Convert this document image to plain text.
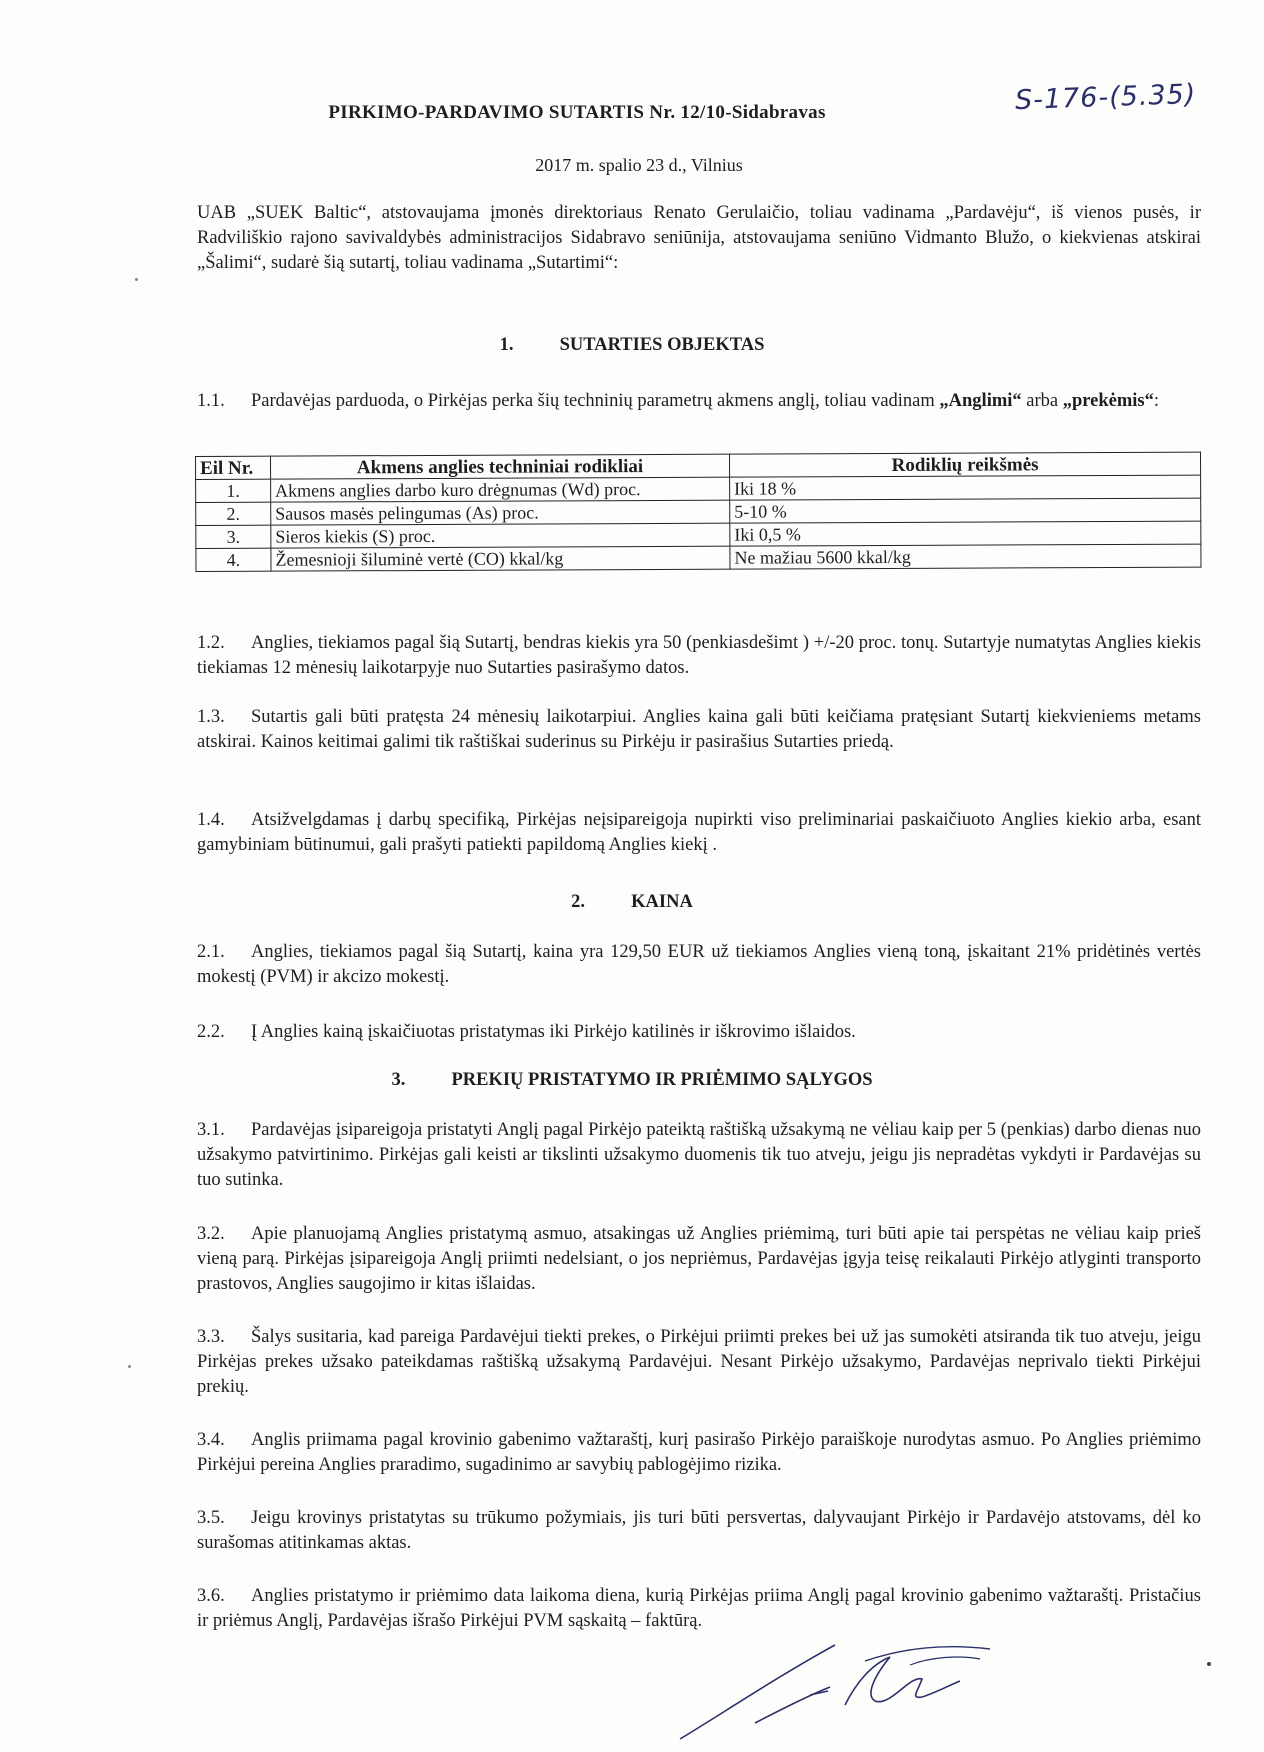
PIRKIMO-PARDAVIMO SUTARTIS Nr. 12/10-Sidabravas	S-176-(5.35)
2017 m. spalio 23 d., Vilnius
UAB „SUEK Baltic“, atstovaujama įmonės direktoriaus Renato Gerulaičio, toliau vadinama „Pardavėju“, iš vienos pusės, ir Radviliškio rajono savivaldybės administracijos Sidabravo seniūnija, atstovaujama seniūno Vidmanto Blužo, o kiekvienas atskirai „Šalimi“, sudarė šią sutartį, toliau vadinama „Sutartimi“:
1. SUTARTIES OBJEKTAS
1.1. Pardavėjas parduoda, o Pirkėjas perka šių techninių parametrų akmens anglį, toliau vadinam „Anglimi“ arba „prekėmis“:
Eil Nr.	Akmens anglies techniniai rodikliai	Rodiklių reikšmės
1.	Akmens anglies darbo kuro drėgnumas (Wd) proc.	Iki 18 %
2.	Sausos masės pelingumas (As) proc.	5-10 %
3.	Sieros kiekis (S) proc.	Iki 0,5 %
4.	Žemesnioji šiluminė vertė (CO) kkal/kg	Ne mažiau 5600 kkal/kg
1.2. Anglies, tiekiamos pagal šią Sutartį, bendras kiekis yra 50 (penkiasdešimt ) +/-20 proc. tonų. Sutartyje numatytas Anglies kiekis tiekiamas 12 mėnesių laikotarpyje nuo Sutarties pasirašymo datos.
1.3. Sutartis gali būti pratęsta 24 mėnesių laikotarpiui. Anglies kaina gali būti keičiama pratęsiant Sutartį kiekvieniems metams atskirai. Kainos keitimai galimi tik raštiškai suderinus su Pirkėju ir pasirašius Sutarties priedą.
1.4. Atsižvelgdamas į darbų specifiką, Pirkėjas neįsipareigoja nupirkti viso preliminariai paskaičiuoto Anglies kiekio arba, esant gamybiniam būtinumui, gali prašyti patiekti papildomą Anglies kiekį .
2. KAINA
2.1. Anglies, tiekiamos pagal šią Sutartį, kaina yra 129,50 EUR už tiekiamos Anglies vieną toną, įskaitant 21% pridėtinės vertės mokestį (PVM) ir akcizo mokestį.
2.2. Į Anglies kainą įskaičiuotas pristatymas iki Pirkėjo katilinės ir iškrovimo išlaidos.
3. PREKIŲ PRISTATYMO IR PRIĖMIMO SĄLYGOS
3.1. Pardavėjas įsipareigoja pristatyti Anglį pagal Pirkėjo pateiktą raštišką užsakymą ne vėliau kaip per 5 (penkias) darbo dienas nuo užsakymo patvirtinimo. Pirkėjas gali keisti ar tikslinti užsakymo duomenis tik tuo atveju, jeigu jis nepradėtas vykdyti ir Pardavėjas su tuo sutinka.
3.2. Apie planuojamą Anglies pristatymą asmuo, atsakingas už Anglies priėmimą, turi būti apie tai perspėtas ne vėliau kaip prieš vieną parą. Pirkėjas įsipareigoja Anglį priimti nedelsiant, o jos nepriėmus, Pardavėjas įgyja teisę reikalauti Pirkėjo atlyginti transporto prastovos, Anglies saugojimo ir kitas išlaidas.
3.3. Šalys susitaria, kad pareiga Pardavėjui tiekti prekes, o Pirkėjui priimti prekes bei už jas sumokėti atsiranda tik tuo atveju, jeigu Pirkėjas prekes užsako pateikdamas raštišką užsakymą Pardavėjui. Nesant Pirkėjo užsakymo, Pardavėjas neprivalo tiekti Pirkėjui prekių.
3.4. Anglis priimama pagal krovinio gabenimo važtaraštį, kurį pasirašo Pirkėjo paraiškoje nurodytas asmuo. Po Anglies priėmimo Pirkėjui pereina Anglies praradimo, sugadinimo ar savybių pablogėjimo rizika.
3.5. Jeigu krovinys pristatytas su trūkumo požymiais, jis turi būti persvertas, dalyvaujant Pirkėjo ir Pardavėjo atstovams, dėl ko surašomas atitinkamas aktas.
3.6. Anglies pristatymo ir priėmimo data laikoma diena, kurią Pirkėjas priima Anglį pagal krovinio gabenimo važtaraštį. Pristačius ir priėmus Anglį, Pardavėjas išrašo Pirkėjui PVM sąskaitą – faktūrą.
